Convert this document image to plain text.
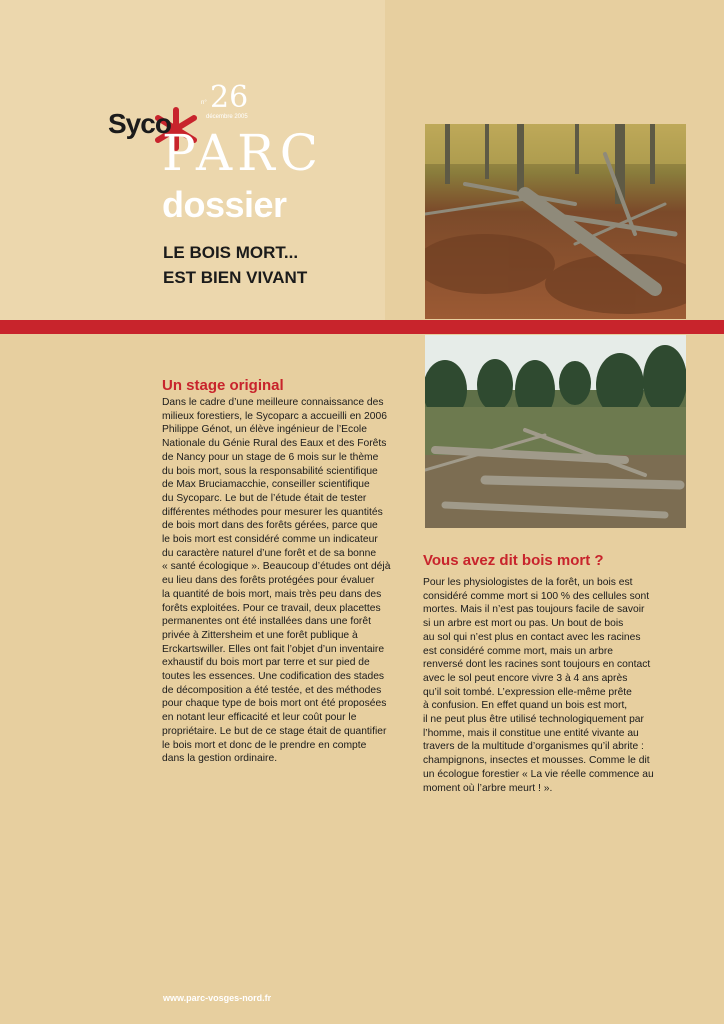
Syco
PARC
n° 26
décembre 2005
dossier
LE BOIS MORT...
EST BIEN VIVANT
Un stage original

Dans le cadre d’une meilleure connaissance des
milieux forestiers, le Sycoparc a accueilli en 2006
Philippe Génot, un élève ingénieur de l’Ecole
Nationale du Génie Rural des Eaux et des Forêts
de Nancy pour un stage de 6 mois sur le thème
du bois mort, sous la responsabilité scientifique
de Max Bruciamacchie, conseiller scientifique
du Sycoparc. Le but de l’étude était de tester
différentes méthodes pour mesurer les quantités
de bois mort dans des forêts gérées, parce que
le bois mort est considéré comme un indicateur
du caractère naturel d’une forêt et de sa bonne
« santé écologique ». Beaucoup d’études ont déjà
eu lieu dans des forêts protégées pour évaluer
la quantité de bois mort, mais très peu dans des
forêts exploitées. Pour ce travail, deux placettes
permanentes ont été installées dans une forêt
privée à Zittersheim et une forêt publique à
Erckartswiller. Elles ont fait l’objet d’un inventaire
exhaustif du bois mort par terre et sur pied de
toutes les essences. Une codification des stades
de décomposition a été testée, et des méthodes
pour chaque type de bois mort ont été proposées
en notant leur efficacité et leur coût pour le
propriétaire. Le but de ce stage était de quantifier
le bois mort et donc de le prendre en compte
dans la gestion ordinaire.

Vous avez dit bois mort ?

Pour les physiologistes de la forêt, un bois est
considéré comme mort si 100 % des cellules sont
mortes. Mais il n’est pas toujours facile de savoir
si un arbre est mort ou pas. Un bout de bois
au sol qui n’est plus en contact avec les racines
est considéré comme mort, mais un arbre
renversé dont les racines sont toujours en contact
avec le sol peut encore vivre 3 à 4 ans après
qu’il soit tombé. L’expression elle-même prête
à confusion. En effet quand un bois est mort,
il ne peut plus être utilisé technologiquement par
l’homme, mais il constitue une entité vivante au
travers de la multitude d’organismes qu’il abrite :
champignons, insectes et mousses. Comme le dit
un écologue forestier « La vie réelle commence au
moment où l’arbre meurt ! ».

www.parc-vosges-nord.fr
